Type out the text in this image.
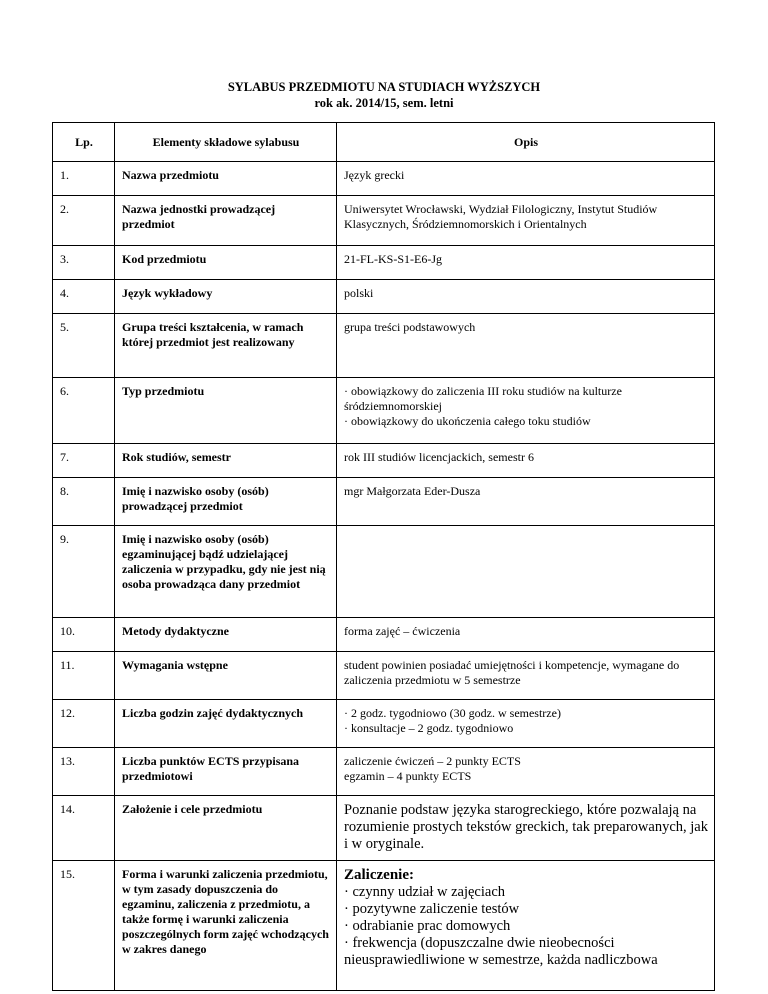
SYLABUS PRZEDMIOTU NA STUDIACH WYŻSZYCH
rok ak. 2014/15, sem. letni
Lp.	Elementy składowe sylabusu	Opis
1.	Nazwa przedmiotu	Język grecki

2.	Nazwa jednostki prowadzącej przedmiot	Uniwersytet Wrocławski, Wydział Filologiczny, Instytut Studiów Klasycznych, Śródziemnomorskich i Orientalnych

3.	Kod przedmiotu	21-FL-KS-S1-E6-Jg

4.	Język wykładowy	polski

5.	Grupa treści kształcenia, w ramach której przedmiot jest realizowany	grupa treści podstawowych

6.	Typ przedmiotu	· obowiązkowy do zaliczenia III roku studiów na kulturze śródziemnomorskiej
· obowiązkowy do ukończenia całego toku studiów

7.	Rok studiów, semestr	rok III studiów licencjackich, semestr 6

8.	Imię i nazwisko osoby (osób) prowadzącej przedmiot	mgr Małgorzata Eder-Dusza

9.	Imię i nazwisko osoby (osób) egzaminującej bądź udzielającej zaliczenia w przypadku, gdy nie jest nią osoba prowadząca dany przedmiot	
10.	Metody dydaktyczne	forma zajęć – ćwiczenia

11.	Wymagania wstępne	student powinien posiadać umiejętności i kompetencje, wymagane do zaliczenia przedmiotu w 5 semestrze

12.	Liczba godzin zajęć dydaktycznych	· 2 godz. tygodniowo (30 godz. w semestrze)
· konsultacje – 2 godz. tygodniowo

13.	Liczba punktów ECTS przypisana przedmiotowi	zaliczenie ćwiczeń – 2 punkty ECTS
egzamin – 4 punkty ECTS

14.	Założenie i cele przedmiotu	Poznanie podstaw języka starogreckiego, które pozwalają na rozumienie prostych tekstów greckich, tak preparowanych, jak i w oryginale.

15.	Forma i warunki zaliczenia przedmiotu, w tym zasady dopuszczenia do egzaminu, zaliczenia z przedmiotu, a także formę i warunki zaliczenia poszczególnych form zajęć wchodzących w zakres danego	Zaliczenie:
· czynny udział w zajęciach
· pozytywne zaliczenie testów
· odrabianie prac domowych
· frekwencja (dopuszczalne dwie nieobecności nieusprawiedliwione w semestrze, każda nadliczbowa
